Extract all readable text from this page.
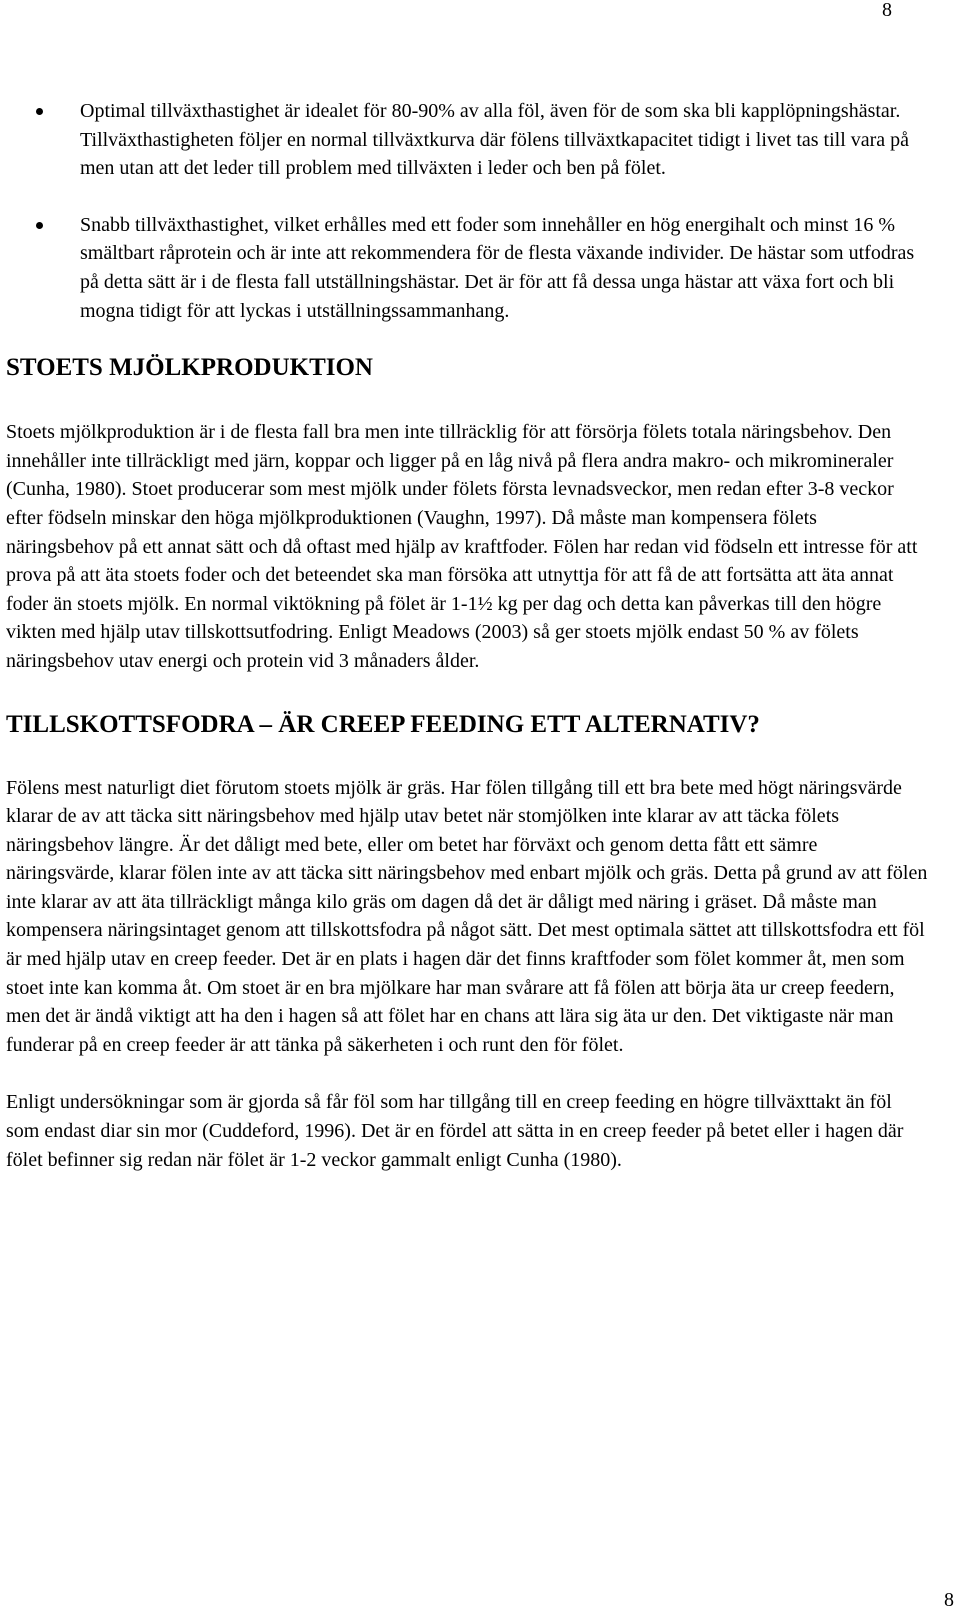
8
Optimal tillväxthastighet är idealet för 80-90% av alla föl, även för de som ska bli kapplöpningshästar. Tillväxthastigheten följer en normal tillväxtkurva där fölens tillväxtkapacitet tidigt i livet tas till vara på men utan att det leder till problem med tillväxten i leder och ben på fölet.
Snabb tillväxthastighet, vilket erhålles med ett foder som innehåller en hög energihalt och minst 16 % smältbart råprotein och är inte att rekommendera för de flesta växande individer. De hästar som utfodras på detta sätt är i de flesta fall utställningshästar. Det är för att få dessa unga hästar att växa fort och bli mogna tidigt för att lyckas i utställningssammanhang.
STOETS MJÖLKPRODUKTION

Stoets mjölkproduktion är i de flesta fall bra men inte tillräcklig för att försörja fölets totala näringsbehov. Den innehåller inte tillräckligt med järn, koppar och ligger på en låg nivå på flera andra makro- och mikromineraler (Cunha, 1980). Stoet producerar som mest mjölk under fölets första levnadsveckor, men redan efter 3-8 veckor efter födseln minskar den höga mjölkproduktionen (Vaughn, 1997). Då måste man kompensera fölets näringsbehov på ett annat sätt och då oftast med hjälp av kraftfoder. Fölen har redan vid födseln ett intresse för att prova på att äta stoets foder och det beteendet ska man försöka att utnyttja för att få de att fortsätta att äta annat foder än stoets mjölk. En normal viktökning på fölet är 1-1½ kg per dag och detta kan påverkas till den högre vikten med hjälp utav tillskottsutfodring. Enligt Meadows (2003) så ger stoets mjölk endast 50 % av fölets näringsbehov utav energi och protein vid 3 månaders ålder.

TILLSKOTTSFODRA – ÄR CREEP FEEDING ETT ALTERNATIV?

Fölens mest naturligt diet förutom stoets mjölk är gräs. Har fölen tillgång till ett bra bete med högt näringsvärde klarar de av att täcka sitt näringsbehov med hjälp utav betet när stomjölken inte klarar av att täcka fölets näringsbehov längre. Är det dåligt med bete, eller om betet har förväxt och genom detta fått ett sämre näringsvärde, klarar fölen inte av att täcka sitt näringsbehov med enbart mjölk och gräs. Detta på grund av att fölen inte klarar av att äta tillräckligt många kilo gräs om dagen då det är dåligt med näring i gräset. Då måste man kompensera näringsintaget genom att tillskottsfodra på något sätt. Det mest optimala sättet att tillskottsfodra ett föl är med hjälp utav en creep feeder. Det är en plats i hagen där det finns kraftfoder som fölet kommer åt, men som stoet inte kan komma åt. Om stoet är en bra mjölkare har man svårare att få fölen att börja äta ur creep feedern, men det är ändå viktigt att ha den i hagen så att fölet har en chans att lära sig äta ur den. Det viktigaste när man funderar på en creep feeder är att tänka på säkerheten i och runt den för fölet.

Enligt undersökningar som är gjorda så får föl som har tillgång till en creep feeding en högre tillväxttakt än föl som endast diar sin mor (Cuddeford, 1996). Det är en fördel att sätta in en creep feeder på betet eller i hagen där fölet befinner sig redan när fölet är 1-2 veckor gammalt enligt Cunha (1980).

8
